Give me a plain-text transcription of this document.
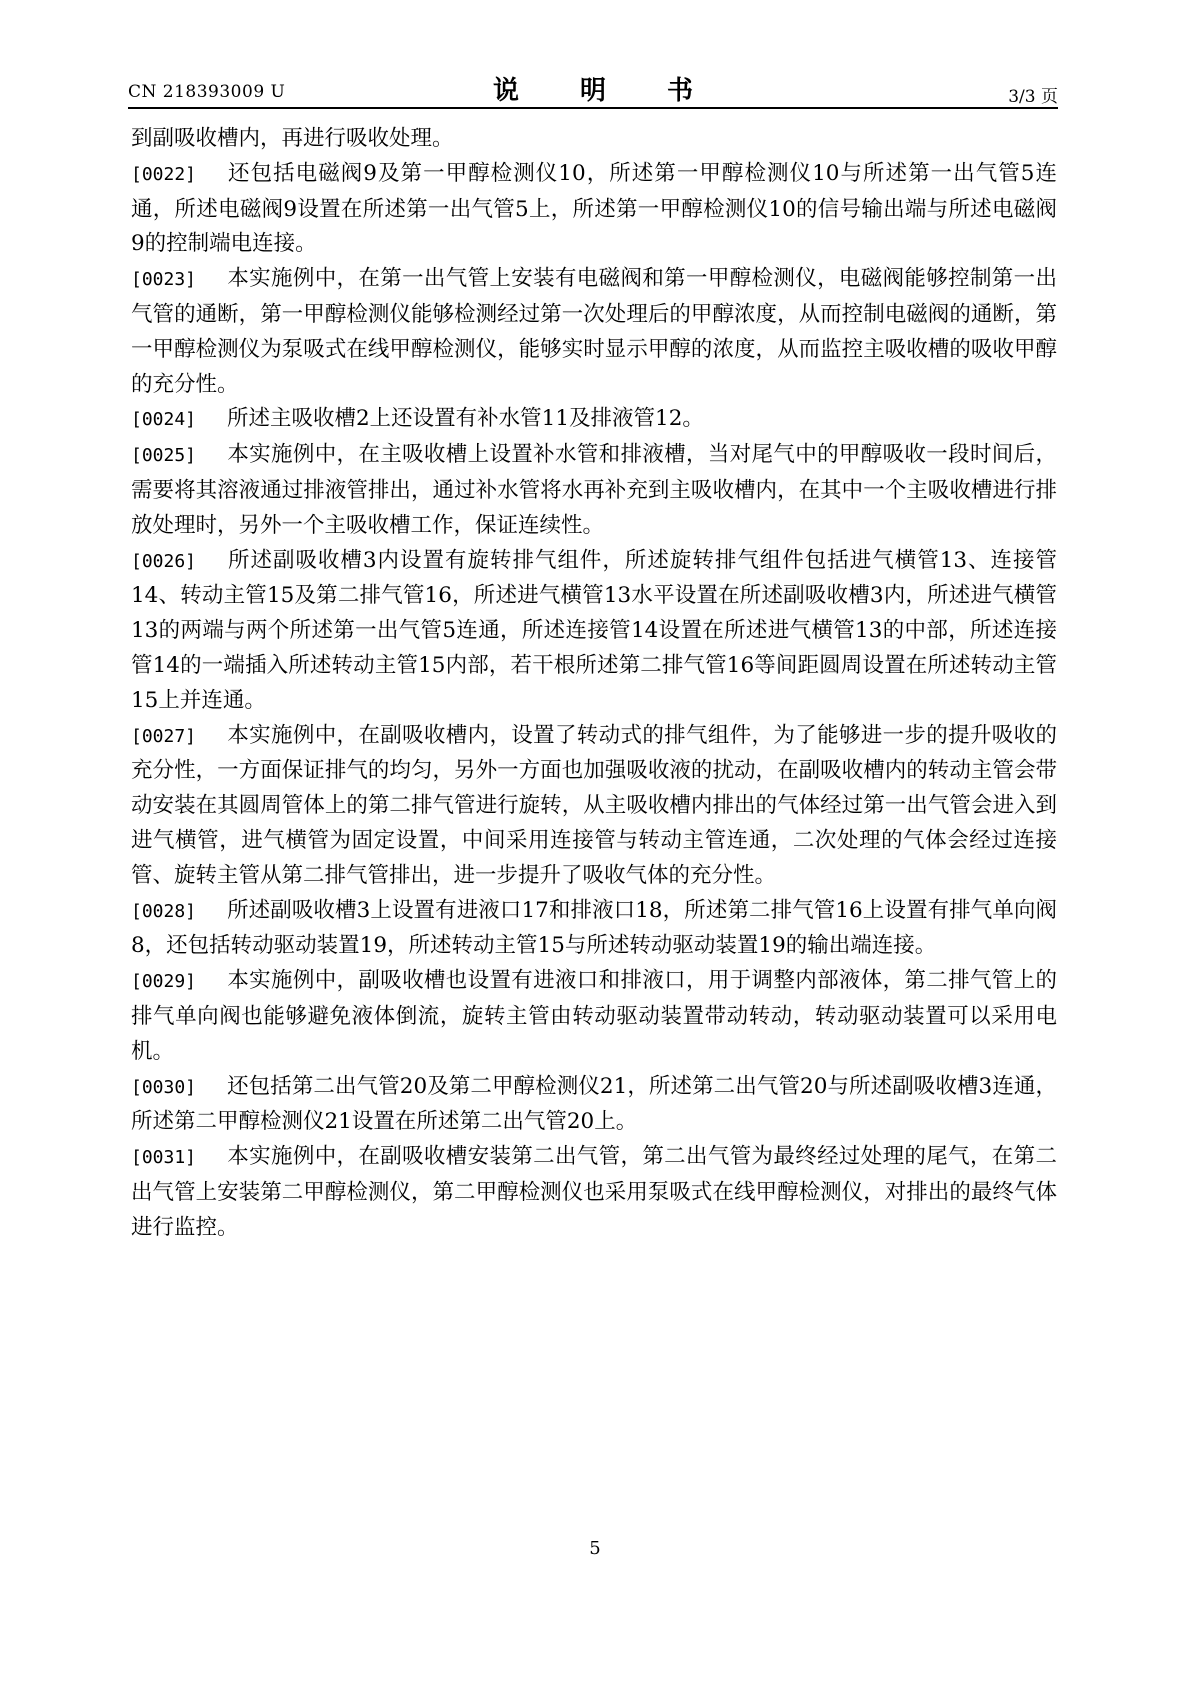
CN 218393009 U	说 明 书	3/3 页

到副吸收槽内，再进行吸收处理。

[0022] 还包括电磁阀9及第一甲醇检测仪10，所述第一甲醇检测仪10与所述第一出气管5连通，所述电磁阀9设置在所述第一出气管5上，所述第一甲醇检测仪10的信号输出端与所述电磁阀9的控制端电连接。

[0023] 本实施例中，在第一出气管上安装有电磁阀和第一甲醇检测仪，电磁阀能够控制第一出气管的通断，第一甲醇检测仪能够检测经过第一次处理后的甲醇浓度，从而控制电磁阀的通断，第一甲醇检测仪为泵吸式在线甲醇检测仪，能够实时显示甲醇的浓度，从而监控主吸收槽的吸收甲醇的充分性。

[0024] 所述主吸收槽2上还设置有补水管11及排液管12。

[0025] 本实施例中，在主吸收槽上设置补水管和排液槽，当对尾气中的甲醇吸收一段时间后，需要将其溶液通过排液管排出，通过补水管将水再补充到主吸收槽内，在其中一个主吸收槽进行排放处理时，另外一个主吸收槽工作，保证连续性。

[0026] 所述副吸收槽3内设置有旋转排气组件，所述旋转排气组件包括进气横管13、连接管14、转动主管15及第二排气管16，所述进气横管13水平设置在所述副吸收槽3内，所述进气横管13的两端与两个所述第一出气管5连通，所述连接管14设置在所述进气横管13的中部，所述连接管14的一端插入所述转动主管15内部，若干根所述第二排气管16等间距圆周设置在所述转动主管15上并连通。

[0027] 本实施例中，在副吸收槽内，设置了转动式的排气组件，为了能够进一步的提升吸收的充分性，一方面保证排气的均匀，另外一方面也加强吸收液的扰动，在副吸收槽内的转动主管会带动安装在其圆周管体上的第二排气管进行旋转，从主吸收槽内排出的气体经过第一出气管会进入到进气横管，进气横管为固定设置，中间采用连接管与转动主管连通，二次处理的气体会经过连接管、旋转主管从第二排气管排出，进一步提升了吸收气体的充分性。

[0028] 所述副吸收槽3上设置有进液口17和排液口18，所述第二排气管16上设置有排气单向阀8，还包括转动驱动装置19，所述转动主管15与所述转动驱动装置19的输出端连接。

[0029] 本实施例中，副吸收槽也设置有进液口和排液口，用于调整内部液体，第二排气管上的排气单向阀也能够避免液体倒流，旋转主管由转动驱动装置带动转动，转动驱动装置可以采用电机。

[0030] 还包括第二出气管20及第二甲醇检测仪21，所述第二出气管20与所述副吸收槽3连通，所述第二甲醇检测仪21设置在所述第二出气管20上。

[0031] 本实施例中，在副吸收槽安装第二出气管，第二出气管为最终经过处理的尾气，在第二出气管上安装第二甲醇检测仪，第二甲醇检测仪也采用泵吸式在线甲醇检测仪，对排出的最终气体进行监控。

5
